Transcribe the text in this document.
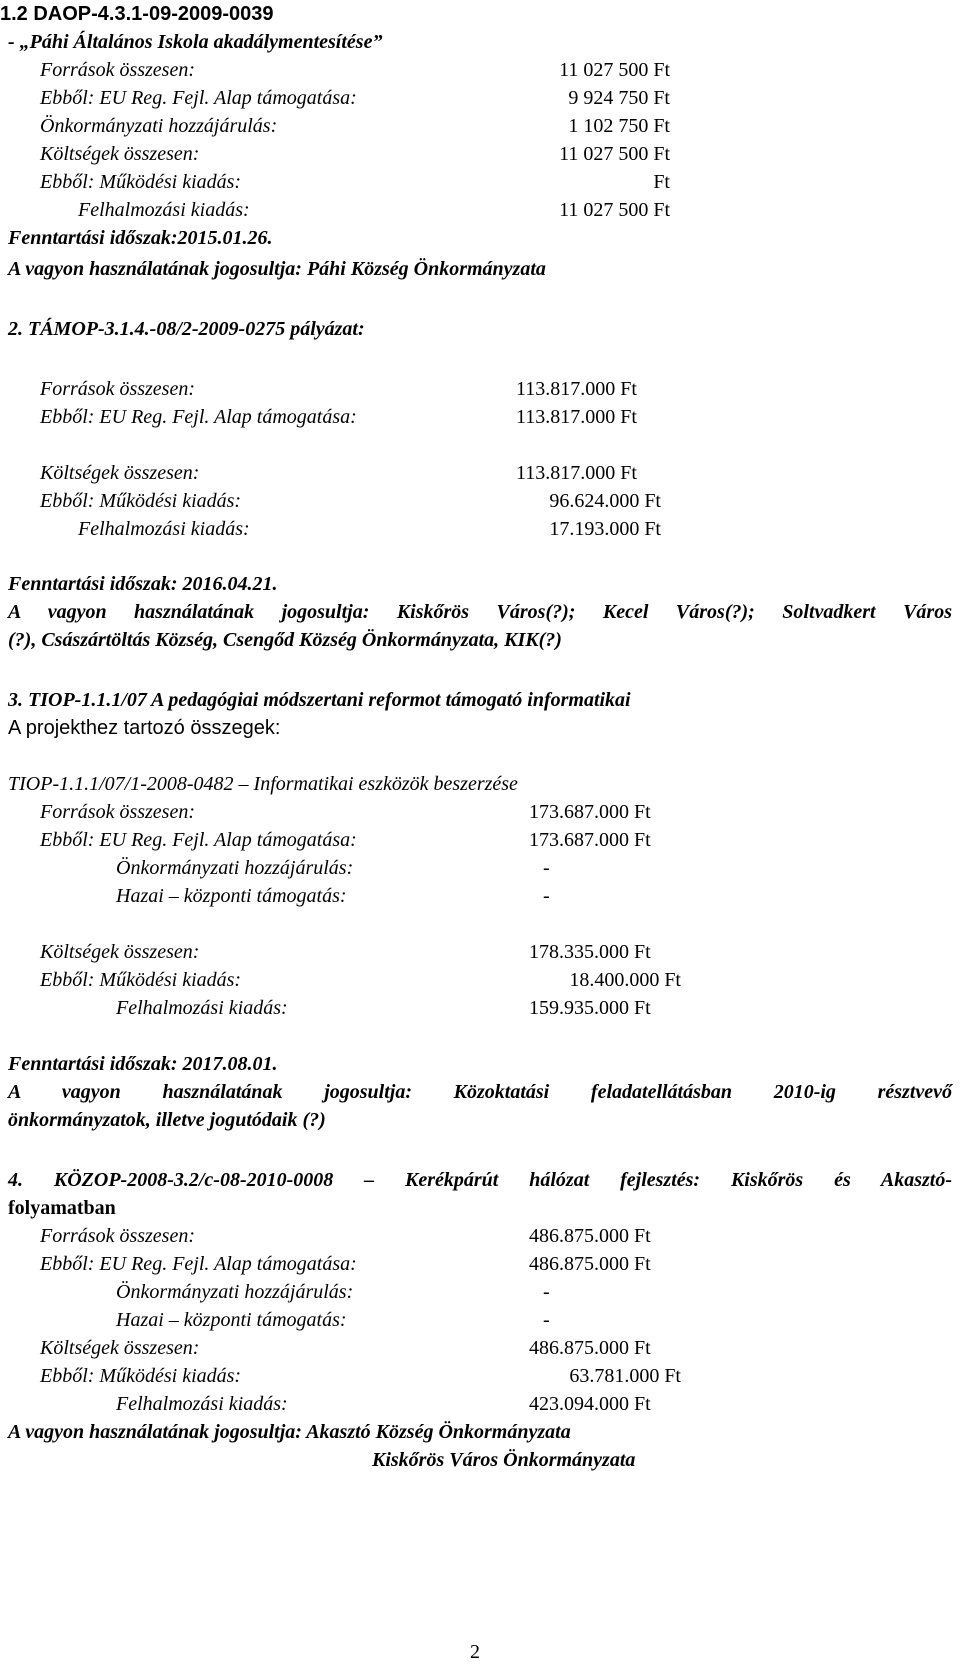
1.2 DAOP-4.3.1-09-2009-0039
- „Páhi Általános Iskola akadálymentesítése”
Források összesen:	11 027 500 Ft
Ebből: EU Reg. Fejl. Alap támogatása:	9 924 750 Ft
Önkormányzati hozzájárulás:	1 102 750 Ft
Költségek összesen:	11 027 500 Ft
Ebből: Működési kiadás:	Ft
Felhalmozási kiadás:	11 027 500 Ft
Fenntartási időszak:2015.01.26.
A vagyon használatának jogosultja: Páhi Község Önkormányzata
2. TÁMOP-3.1.4.-08/2-2009-0275 pályázat:
Források összesen:	113.817.000 Ft
Ebből: EU Reg. Fejl. Alap támogatása:	113.817.000 Ft
Költségek összesen:	113.817.000 Ft
Ebből: Működési kiadás:	96.624.000 Ft
Felhalmozási kiadás:	17.193.000 Ft
Fenntartási időszak: 2016.04.21.
A vagyon használatának jogosultja: Kiskőrös Város(?); Kecel Város(?); Soltvadkert Város
(?), Császártöltás Község, Csengőd Község Önkormányzata, KIK(?)
3. TIOP-1.1.1/07 A pedagógiai módszertani reformot támogató informatikai
A projekthez tartozó összegek:
TIOP-1.1.1/07/1-2008-0482 – Informatikai eszközök beszerzése
Források összesen:	173.687.000 Ft
Ebből: EU Reg. Fejl. Alap támogatása:	173.687.000 Ft
Önkormányzati hozzájárulás:	-
Hazai – központi támogatás:	-
Költségek összesen:	178.335.000 Ft
Ebből: Működési kiadás:	18.400.000 Ft
Felhalmozási kiadás:	159.935.000 Ft
Fenntartási időszak: 2017.08.01.
A vagyon használatának jogosultja: Közoktatási feladatellátásban 2010-ig résztvevő
önkormányzatok, illetve jogutódaik (?)
4. KÖZOP-2008-3.2/c-08-2010-0008 – Kerékpárút hálózat fejlesztés: Kiskőrös és Akasztó-
folyamatban
Források összesen:	486.875.000 Ft
Ebből: EU Reg. Fejl. Alap támogatása:	486.875.000 Ft
Önkormányzati hozzájárulás:	-
Hazai – központi támogatás:	-
Költségek összesen:	486.875.000 Ft
Ebből: Működési kiadás:	63.781.000 Ft
Felhalmozási kiadás:	423.094.000 Ft
A vagyon használatának jogosultja: Akasztó Község Önkormányzata
Kiskőrös Város Önkormányzata
2
